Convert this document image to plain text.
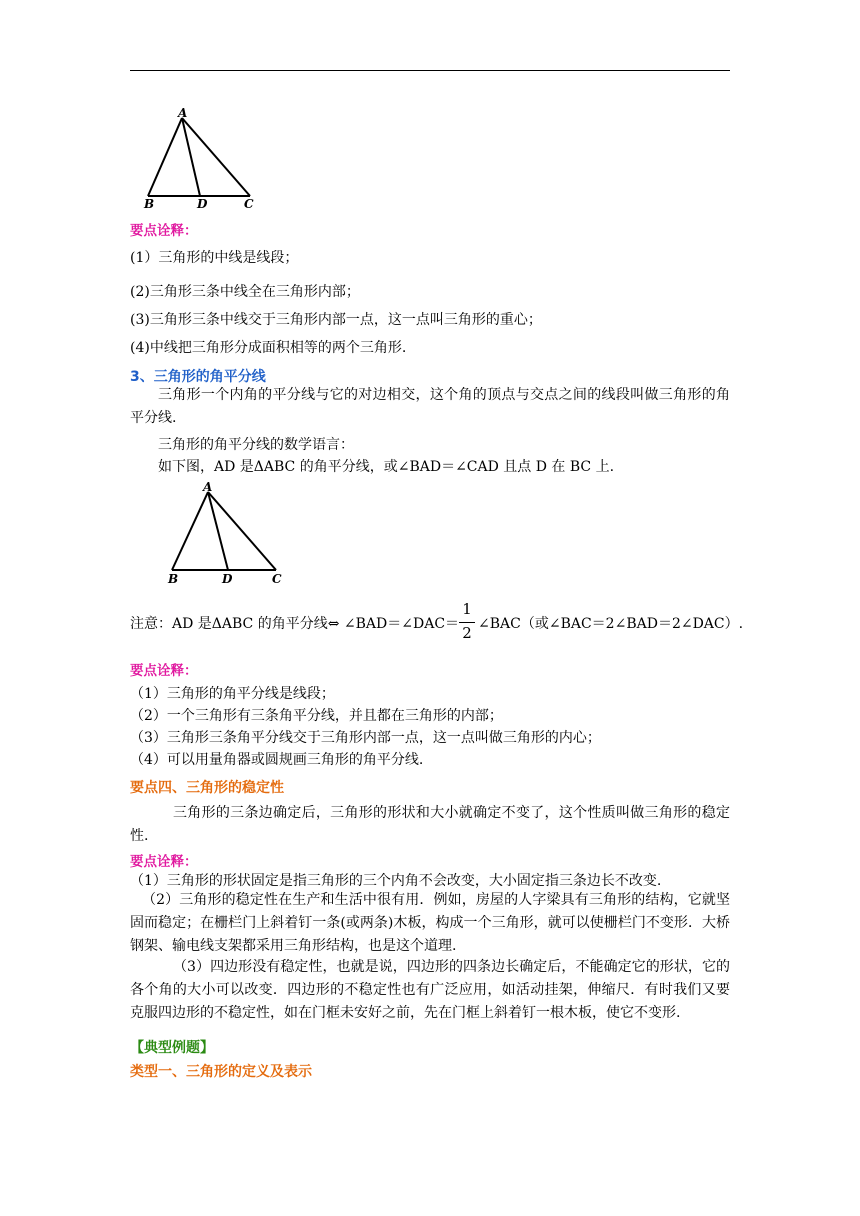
A
B	D	C
要点诠释：
(1）三角形的中线是线段；
(2)三角形三条中线全在三角形内部；
(3)三角形三条中线交于三角形内部一点，这一点叫三角形的重心；
(4)中线把三角形分成面积相等的两个三角形.
3、三角形的角平分线
三角形一个内角的平分线与它的对边相交，这个角的顶点与交点之间的线段叫做三角形的角平分线.
三角形的角平分线的数学语言：
如下图，AD 是ΔABC 的角平分线，或∠BAD＝∠CAD 且点 D 在 BC 上.
A
B	D	C
注意：AD 是ΔABC 的角平分线⇔ ∠BAD＝∠DAC＝
1
2 ∠BAC（或∠BAC＝2∠BAD＝2∠DAC）.
要点诠释：
（1）三角形的角平分线是线段；
（2）一个三角形有三条角平分线，并且都在三角形的内部；
（3）三角形三条角平分线交于三角形内部一点，这一点叫做三角形的内心；
（4）可以用量角器或圆规画三角形的角平分线.
要点四、三角形的稳定性
三角形的三条边确定后，三角形的形状和大小就确定不变了，这个性质叫做三角形的稳定性.
要点诠释：
（1）三角形的形状固定是指三角形的三个内角不会改变，大小固定指三条边长不改变.
（2）三角形的稳定性在生产和生活中很有用．例如，房屋的人字梁具有三角形的结构，它就坚固而稳定；在栅栏门上斜着钉一条(或两条)木板，构成一个三角形，就可以使栅栏门不变形．大桥钢架、输电线支架都采用三角形结构，也是这个道理.
（3）四边形没有稳定性，也就是说，四边形的四条边长确定后，不能确定它的形状，它的各个角的大小可以改变．四边形的不稳定性也有广泛应用，如活动挂架，伸缩尺．有时我们又要克服四边形的不稳定性，如在门框未安好之前，先在门框上斜着钉一根木板，使它不变形.
【典型例题】
类型一、三角形的定义及表示
